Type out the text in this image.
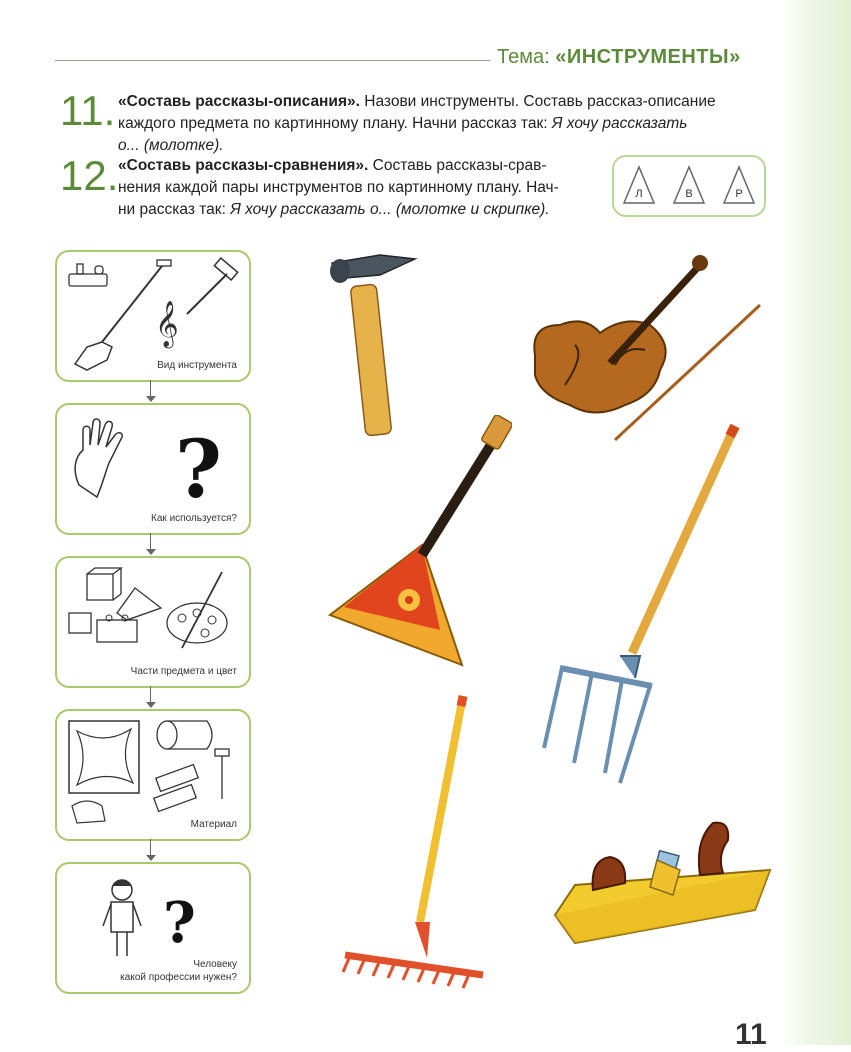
Тема: «ИНСТРУМЕНТЫ»
11. «Составь рассказы-описания». Назови инструменты. Составь рассказ-описание
каждого предмета по картинному плану. Начни рассказ так: Я хочу рассказать
о... (молотке).
12. «Составь рассказы-сравнения». Составь рассказы-срав-
нения каждой пары инструментов по картинному плану. Нач-
ни рассказ так: Я хочу рассказать о... (молотке и скрипке).
Л	В	Р
𝄞
Вид инструмента
?
Как используется?
Части предмета и цвет
Материал
?
Человеку
какой профессии нужен?
11
